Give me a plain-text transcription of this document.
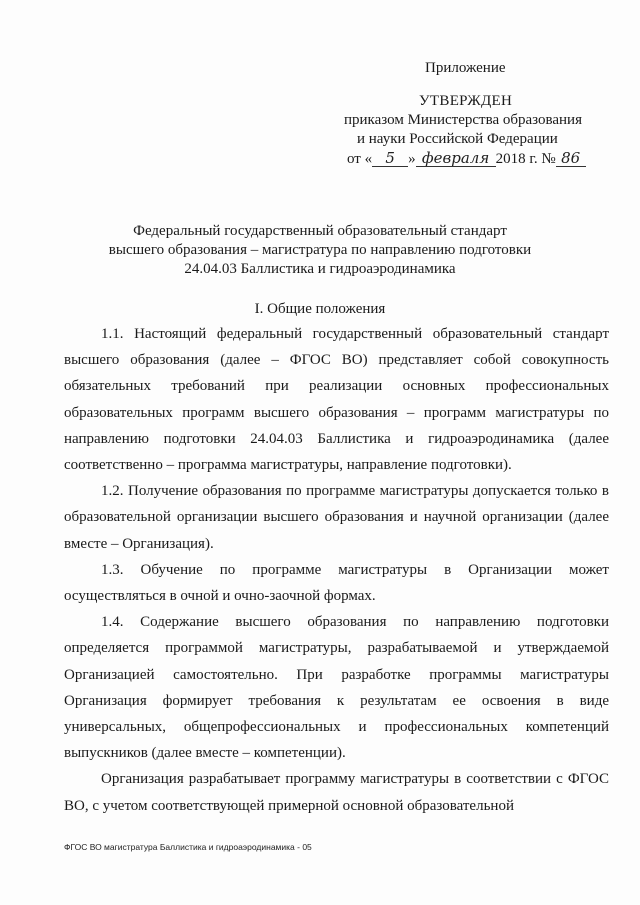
Приложение
УТВЕРЖДЕН
приказом Министерства образования
и науки Российской Федерации
от « 5 » февраля 2018 г. № 86
Федеральный государственный образовательный стандарт
высшего образования – магистратура по направлению подготовки
24.04.03 Баллистика и гидроаэродинамика
I. Общие положения

1.1. Настоящий федеральный государственный образовательный стандарт высшего образования (далее – ФГОС ВО) представляет собой совокупность обязательных требований при реализации основных профессиональных образовательных программ высшего образования – программ магистратуры по направлению подготовки 24.04.03 Баллистика и гидроаэродинамика (далее соответственно – программа магистратуры, направление подготовки).

1.2. Получение образования по программе магистратуры допускается только в образовательной организации высшего образования и научной организации (далее вместе – Организация).

1.3. Обучение по программе магистратуры в Организации может осуществляться в очной и очно-заочной формах.

1.4. Содержание высшего образования по направлению подготовки определяется программой магистратуры, разрабатываемой и утверждаемой Организацией самостоятельно. При разработке программы магистратуры Организация формирует требования к результатам ее освоения в виде универсальных, общепрофессиональных и профессиональных компетенций выпускников (далее вместе – компетенции).

Организация разрабатывает программу магистратуры в соответствии с ФГОС ВО, с учетом соответствующей примерной основной образовательной

ФГОС ВО магистратура Баллистика и гидроаэродинамика - 05
